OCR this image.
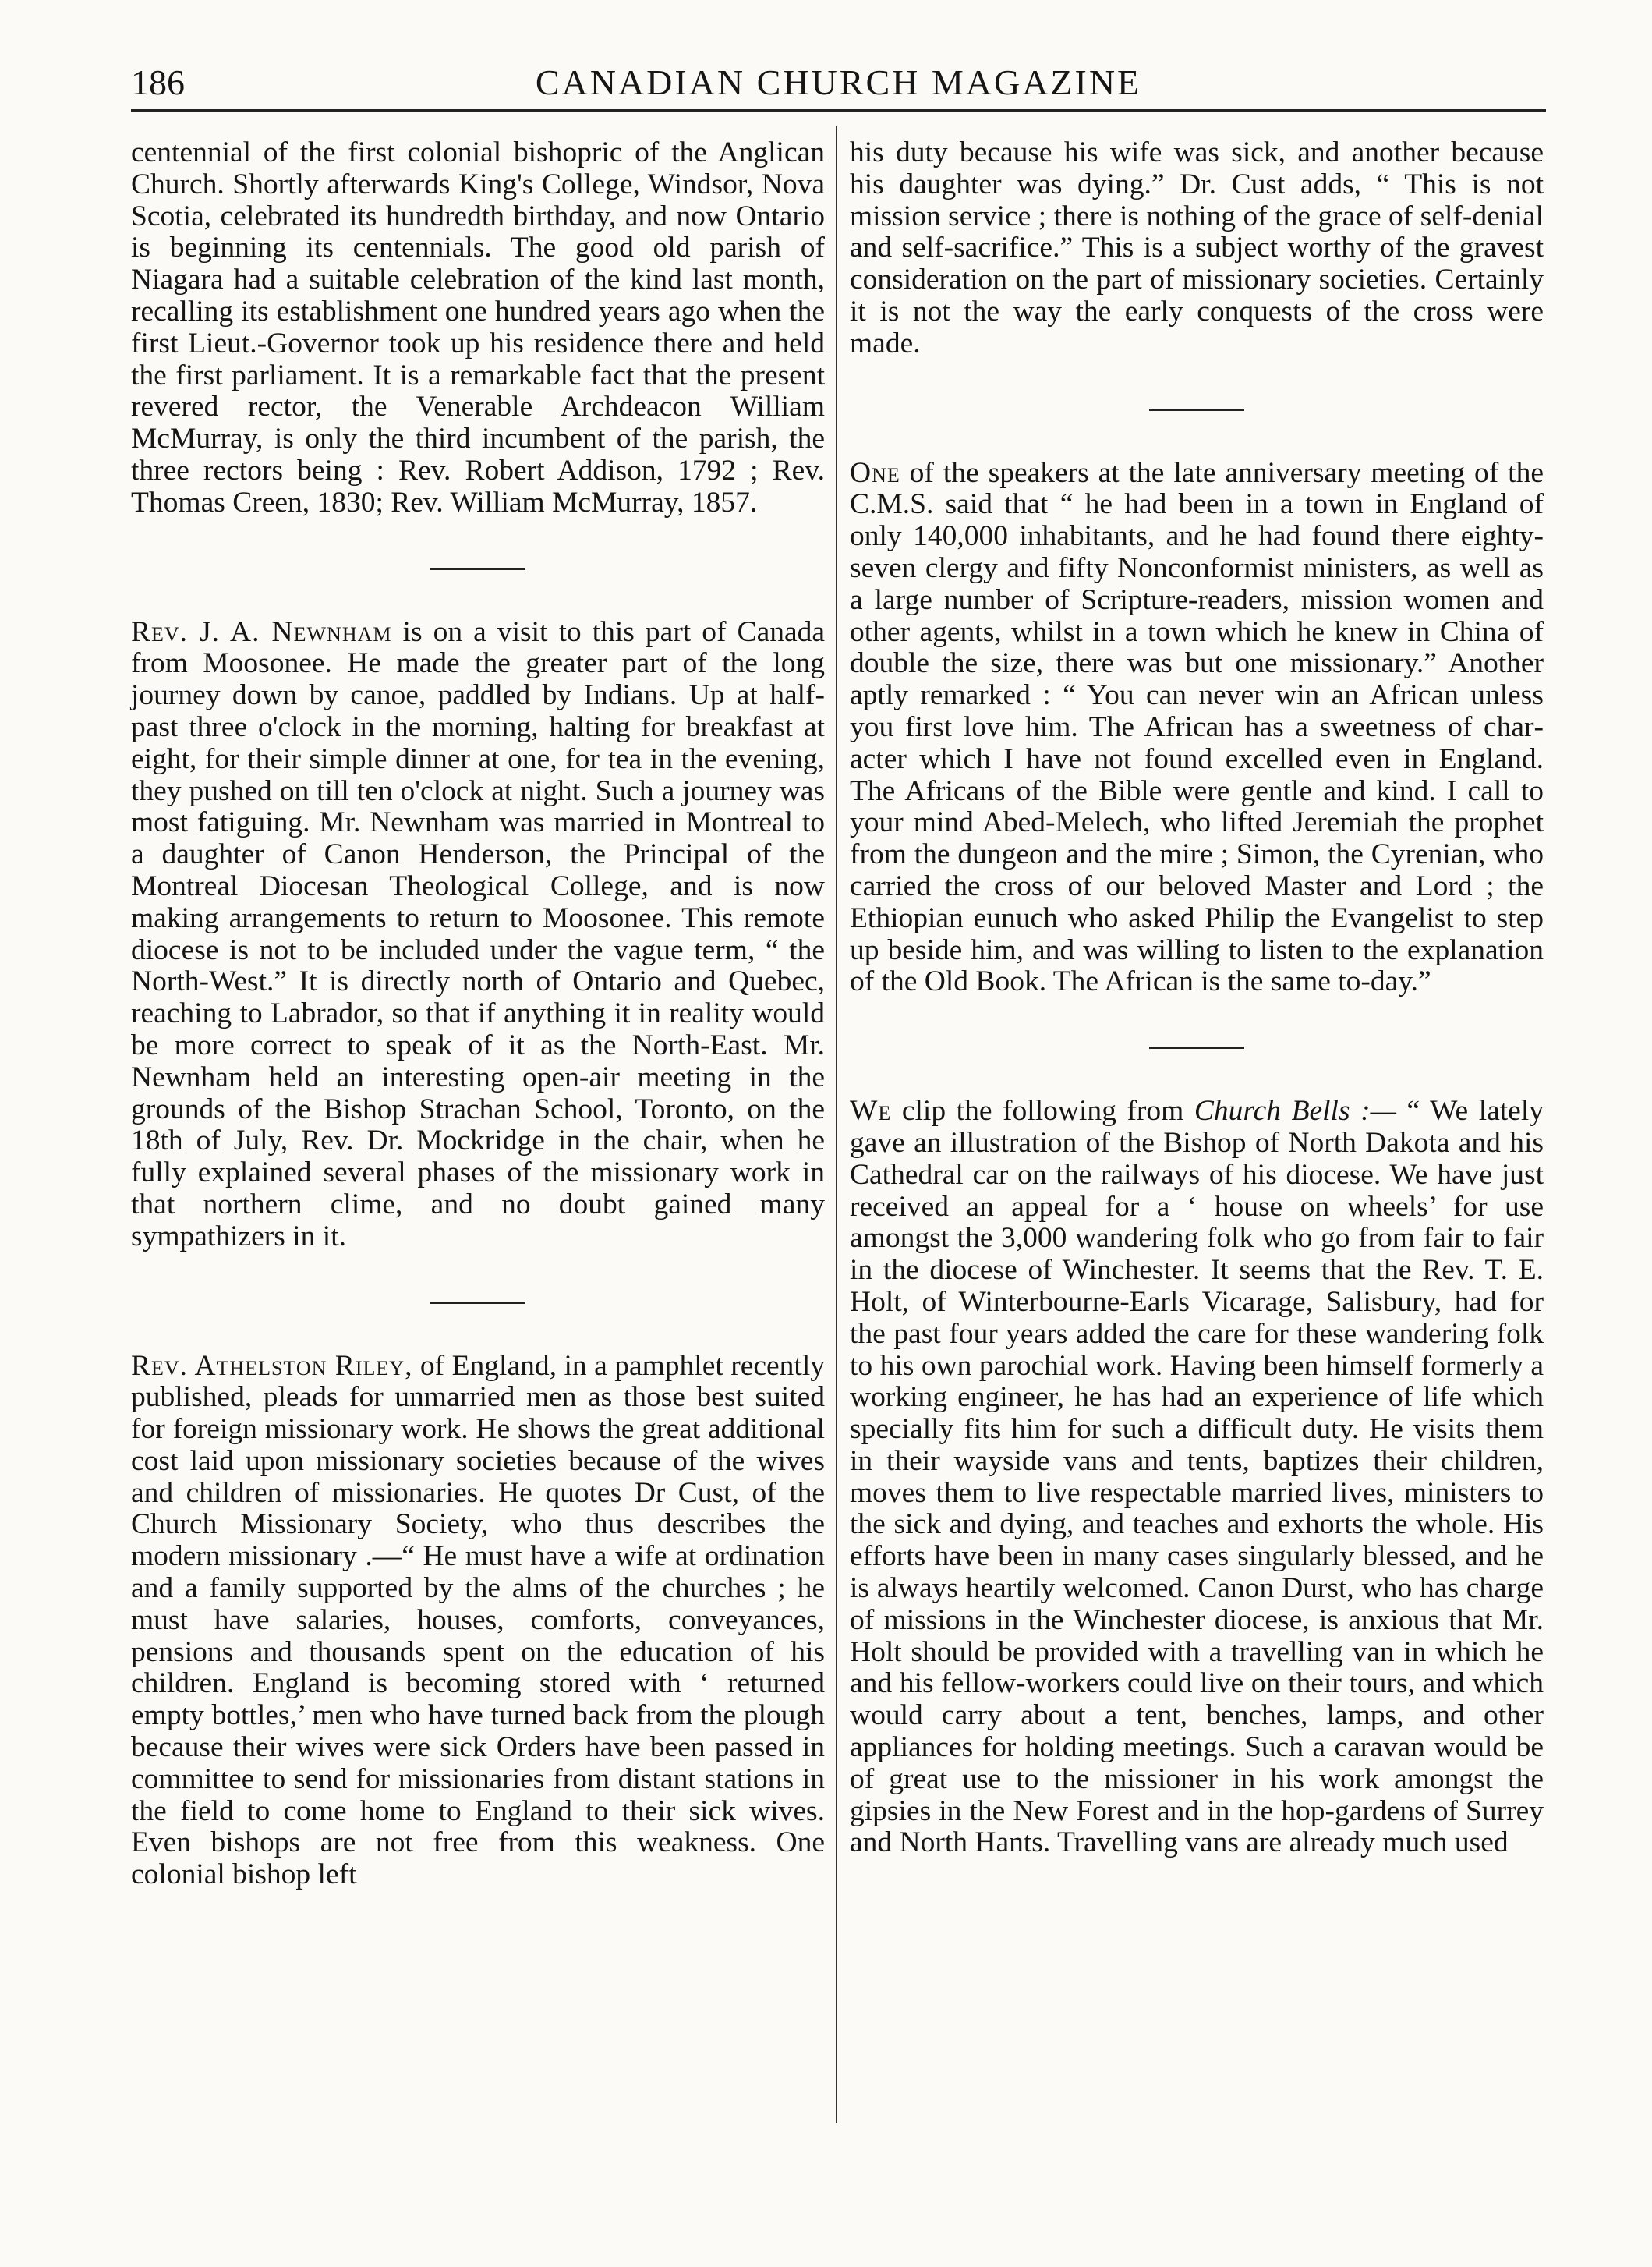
186	CANADIAN CHURCH MAGAZINE

centennial of the first colonial bishopric of the Anglican Church. Shortly afterwards King's College, Windsor, Nova Scotia, celebrated its hundredth birthday, and now Ontario is beginning its centennials. The good old parish of Niagara had a suitable celebration of the kind last month, recalling its establishment one hundred years ago when the first Lieut.-Governor took up his residence there and held the first parliament. It is a remarkable fact that the present revered rector, the Venerable Archdeacon William McMurray, is only the third incumbent of the parish, the three rectors being : Rev. Robert Addison, 1792 ; Rev. Thomas Creen, 1830; Rev. William McMurray, 1857.

Rev. J. A. Newnham is on a visit to this part of Canada from Moosonee. He made the greater part of the long journey down by canoe, paddled by Indians. Up at half-past three o'clock in the morning, halting for breakfast at eight, for their simple dinner at one, for tea in the evening, they pushed on till ten o'clock at night. Such a journey was most fatiguing. Mr. Newnham was married in Montreal to a daughter of Canon Henderson, the Principal of the Montreal Diocesan Theological College, and is now making arrangements to return to Moosonee. This remote diocese is not to be included under the vague term, “ the North-West.” It is directly north of Ontario and Quebec, reaching to Labrador, so that if anything it in reality would be more correct to speak of it as the North-East. Mr. Newnham held an interesting open-air meeting in the grounds of the Bishop Strachan School, Toronto, on the 18th of July, Rev. Dr. Mockridge in the chair, when he fully explained several phases of the missionary work in that northern clime, and no doubt gained many sympathizers in it.

Rev. Athelston Riley, of England, in a pamphlet recently published, pleads for unmarried men as those best suited for foreign missionary work. He shows the great additional cost laid upon missionary societies because of the wives and children of missionaries. He quotes Dr Cust, of the Church Missionary Society, who thus describes the modern missionary .—“ He must have a wife at ordination and a family supported by the alms of the churches ; he must have salaries, houses, comforts, conveyances, pensions and thousands spent on the education of his children. England is becoming stored with ‘ returned empty bottles,’ men who have turned back from the plough because their wives were sick Orders have been passed in committee to send for missionaries from distant stations in the field to come home to England to their sick wives. Even bishops are not free from this weakness. One colonial bishop left

his duty because his wife was sick, and another because his daughter was dying.” Dr. Cust adds, “ This is not mission service ; there is nothing of the grace of self-denial and self-sacrifice.” This is a subject worthy of the gravest consideration on the part of missionary societies. Certainly it is not the way the early conquests of the cross were made.

One of the speakers at the late anniversary meeting of the C.M.S. said that “ he had been in a town in England of only 140,000 inhabitants, and he had found there eighty-seven clergy and fifty Nonconformist ministers, as well as a large number of Scripture-readers, mission women and other agents, whilst in a town which he knew in China of double the size, there was but one missionary.” Another aptly remarked : “ You can never win an African unless you first love him. The African has a sweetness of character which I have not found excelled even in England. The Africans of the Bible were gentle and kind. I call to your mind Abed-Melech, who lifted Jeremiah the prophet from the dungeon and the mire ; Simon, the Cyrenian, who carried the cross of our beloved Master and Lord ; the Ethiopian eunuch who asked Philip the Evangelist to step up beside him, and was willing to listen to the explanation of the Old Book. The African is the same to-day.”

We clip the following from Church Bells :— “ We lately gave an illustration of the Bishop of North Dakota and his Cathedral car on the railways of his diocese. We have just received an appeal for a ‘ house on wheels’ for use amongst the 3,000 wandering folk who go from fair to fair in the diocese of Winchester. It seems that the Rev. T. E. Holt, of Winterbourne-Earls Vicarage, Salisbury, had for the past four years added the care for these wandering folk to his own parochial work. Having been himself formerly a working engineer, he has had an experience of life which specially fits him for such a difficult duty. He visits them in their wayside vans and tents, baptizes their children, moves them to live respectable married lives, ministers to the sick and dying, and teaches and exhorts the whole. His efforts have been in many cases singularly blessed, and he is always heartily welcomed. Canon Durst, who has charge of missions in the Winchester diocese, is anxious that Mr. Holt should be provided with a travelling van in which he and his fellow-workers could live on their tours, and which would carry about a tent, benches, lamps, and other appliances for holding meetings. Such a caravan would be of great use to the missioner in his work amongst the gipsies in the New Forest and in the hop-gardens of Surrey and North Hants. Travelling vans are already much used
